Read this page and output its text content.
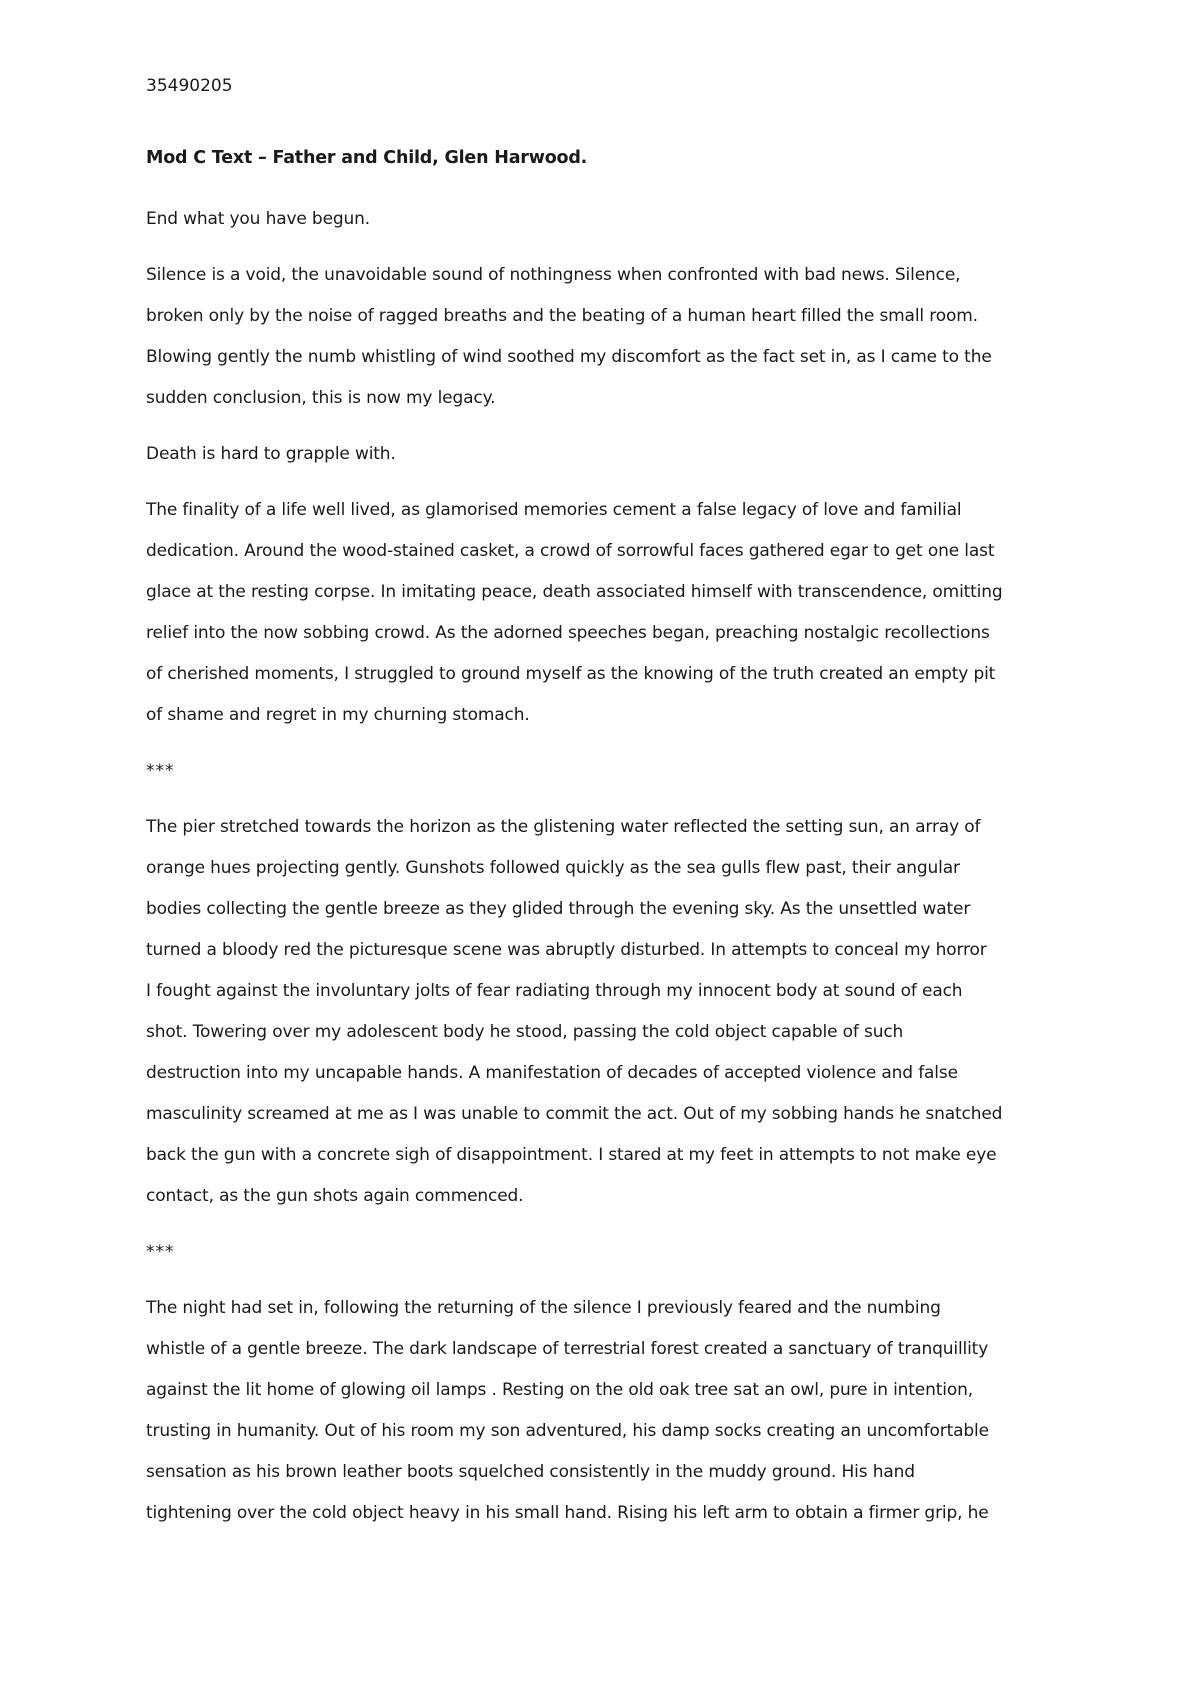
35490205
Mod C Text – Father and Child, Glen Harwood.
End what you have begun.
Silence is a void, the unavoidable sound of nothingness when confronted with bad news. Silence,
broken only by the noise of ragged breaths and the beating of a human heart filled the small room.
Blowing gently the numb whistling of wind soothed my discomfort as the fact set in, as I came to the
sudden conclusion, this is now my legacy.
Death is hard to grapple with.
The finality of a life well lived, as glamorised memories cement a false legacy of love and familial
dedication. Around the wood-stained casket, a crowd of sorrowful faces gathered egar to get one last
glace at the resting corpse. In imitating peace, death associated himself with transcendence, omitting
relief into the now sobbing crowd. As the adorned speeches began, preaching nostalgic recollections
of cherished moments, I struggled to ground myself as the knowing of the truth created an empty pit
of shame and regret in my churning stomach.
***
The pier stretched towards the horizon as the glistening water reflected the setting sun, an array of
orange hues projecting gently. Gunshots followed quickly as the sea gulls flew past, their angular
bodies collecting the gentle breeze as they glided through the evening sky. As the unsettled water
turned a bloody red the picturesque scene was abruptly disturbed. In attempts to conceal my horror
I fought against the involuntary jolts of fear radiating through my innocent body at sound of each
shot. Towering over my adolescent body he stood, passing the cold object capable of such
destruction into my uncapable hands. A manifestation of decades of accepted violence and false
masculinity screamed at me as I was unable to commit the act. Out of my sobbing hands he snatched
back the gun with a concrete sigh of disappointment. I stared at my feet in attempts to not make eye
contact, as the gun shots again commenced.
***
The night had set in, following the returning of the silence I previously feared and the numbing
whistle of a gentle breeze. The dark landscape of terrestrial forest created a sanctuary of tranquillity
against the lit home of glowing oil lamps . Resting on the old oak tree sat an owl, pure in intention,
trusting in humanity. Out of his room my son adventured, his damp socks creating an uncomfortable
sensation as his brown leather boots squelched consistently in the muddy ground. His hand
tightening over the cold object heavy in his small hand. Rising his left arm to obtain a firmer grip, he
